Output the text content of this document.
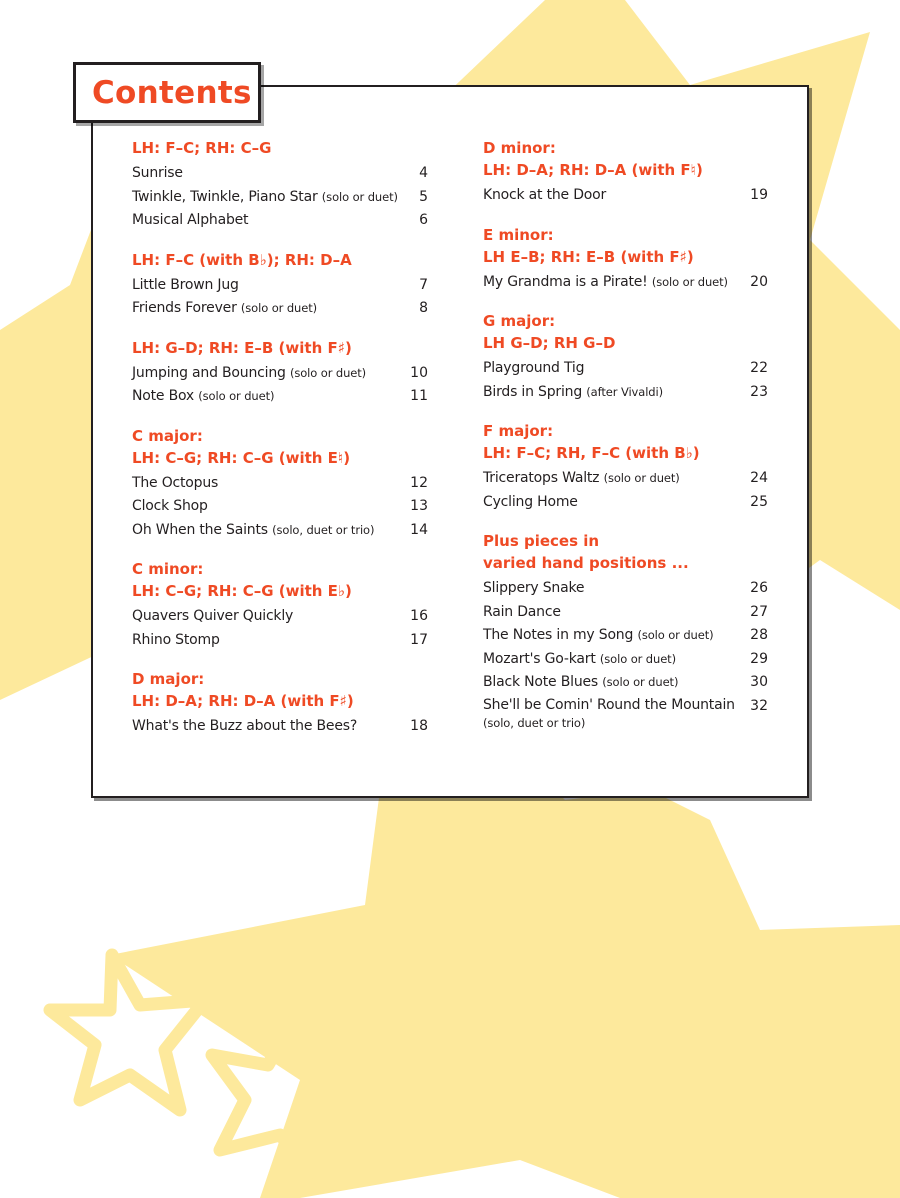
Contents
LH: F–C; RH: C–G
Sunrise	4
Twinkle, Twinkle, Piano Star (solo or duet)	5
Musical Alphabet	6
LH: F–C (with B♭); RH: D–A
Little Brown Jug	7
Friends Forever (solo or duet)	8
LH: G–D; RH: E–B (with F♯)
Jumping and Bouncing (solo or duet)	10
Note Box (solo or duet)	11
C major:
LH: C–G; RH: C–G (with E♮)
The Octopus	12
Clock Shop	13
Oh When the Saints (solo, duet or trio)	14
C minor:
LH: C–G; RH: C–G (with E♭)
Quavers Quiver Quickly	16
Rhino Stomp	17
D major:
LH: D–A; RH: D–A (with F♯)
What's the Buzz about the Bees?	18
D minor:
LH: D–A; RH: D–A (with F♮)
Knock at the Door	19
E minor:
LH E–B; RH: E–B (with F♯)
My Grandma is a Pirate! (solo or duet) 20
G major:
LH G–D; RH G–D
Playground Tig	22
Birds in Spring (after Vivaldi)	23
F major:
LH: F–C; RH, F–C (with B♭)
Triceratops Waltz (solo or duet)	24
Cycling Home	25
Plus pieces in
varied hand positions ...
Slippery Snake	26
Rain Dance	27
The Notes in my Song (solo or duet)	28
Mozart's Go-kart (solo or duet)	29
Black Note Blues (solo or duet)	30
She'll be Comin' Round the Mountain
(solo, duet or trio)
32
